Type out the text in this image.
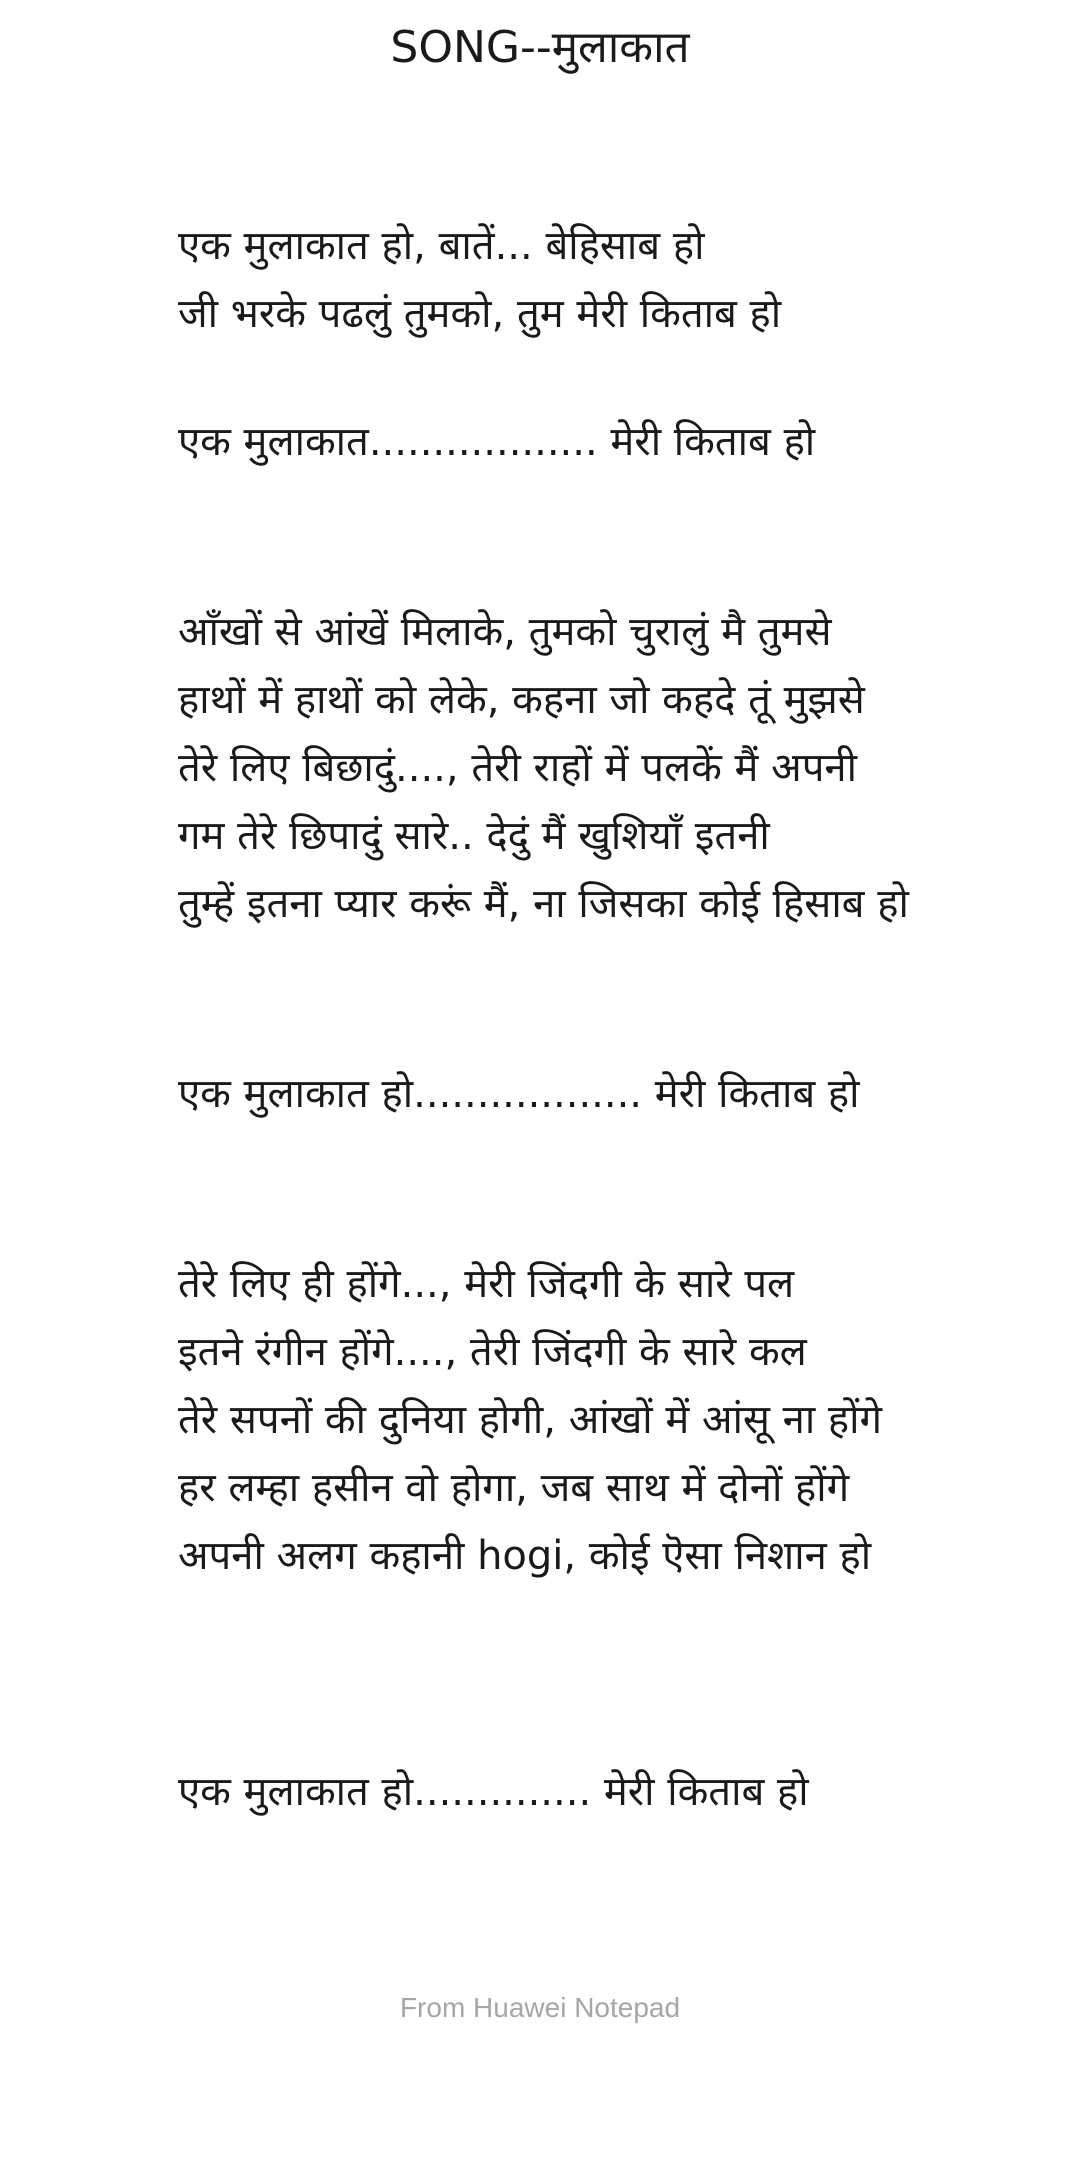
SONG--मुलाकात
एक मुलाकात हो, बातें... बेहिसाब हो
जी भरके पढलुं तुमको, तुम मेरी किताब हो
एक मुलाकात.................. मेरी किताब हो
आँखों से आंखें मिलाके, तुमको चुरालुं मै तुमसे
हाथों में हाथों को लेके, कहना जो कहदे तूं मुझसे
तेरे लिए बिछादुं...., तेरी राहों में पलकें मैं अपनी
गम तेरे छिपादुं सारे.. देदुं मैं खुशियाँ इतनी
तुम्हें इतना प्यार करूं मैं, ना जिसका कोई हिसाब हो
एक मुलाकात हो.................. मेरी किताब हो
तेरे लिए ही होंगे..., मेरी जिंदगी के सारे पल
इतने रंगीन होंगे...., तेरी जिंदगी के सारे कल
तेरे सपनों की दुनिया होगी, आंखों में आंसू ना होंगे
हर लम्हा हसीन वो होगा, जब साथ में दोनों होंगे
अपनी अलग कहानी hogi, कोई ऎसा निशान हो
एक मुलाकात हो.............. मेरी किताब हो
From Huawei Notepad
